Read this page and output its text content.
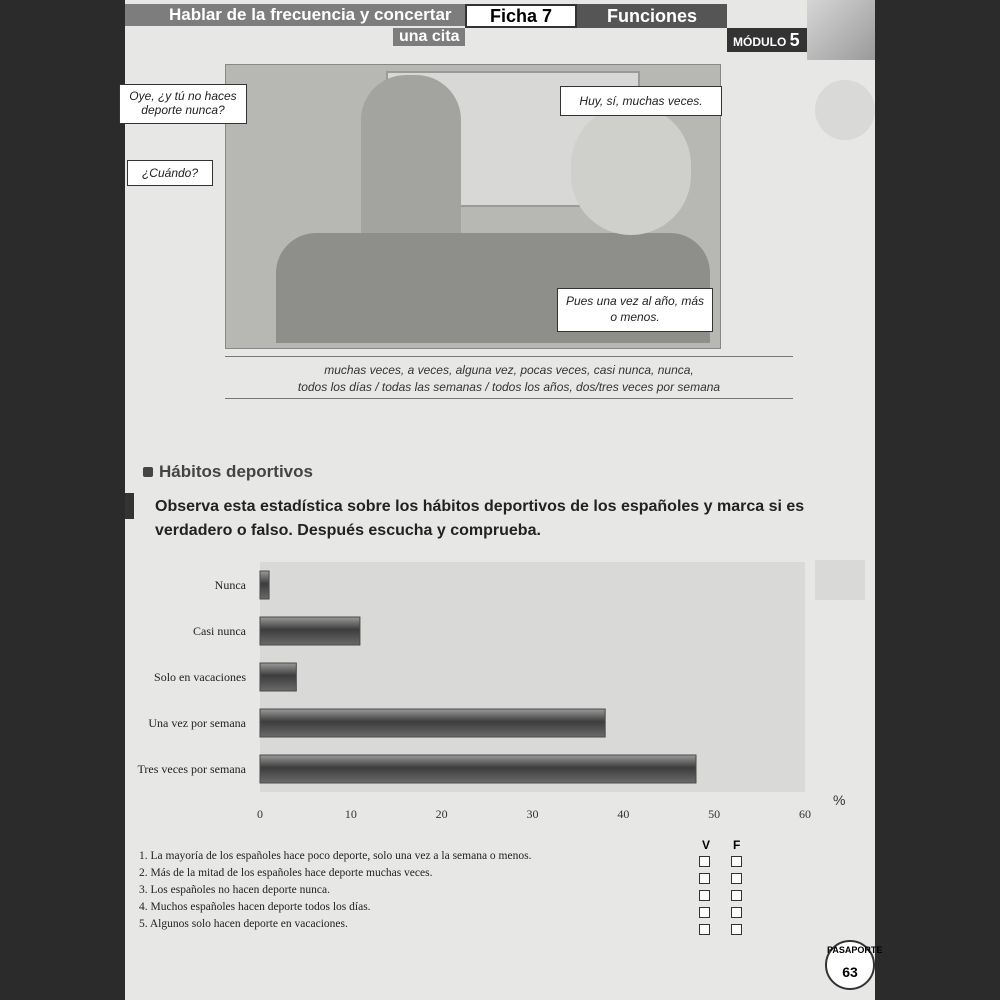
Hablar de la frecuencia y concertar
una cita
Ficha 7	Funciones
MÓDULO 5
Oye, ¿y tú no haces deporte nunca?
Huy, sí, muchas veces.
¿Cuándo?
Pues una vez al año, más o menos.
muchas veces, a veces, alguna vez, pocas veces, casi nunca, nunca,
todos los días / todas las semanas / todos los años, dos/tres veces por semana
Hábitos deportivos
Observa esta estadística sobre los hábitos deportivos de los españoles y marca si es verdadero o falso. Después escucha y comprueba.
Nunca
Casi nunca
Solo en vacaciones
Una vez por semana
Tres veces por semana
0	10	20	30	40	50	60
%
V F
1. La mayoría de los españoles hace poco deporte, solo una vez a la semana o menos.
2. Más de la mitad de los españoles hace deporte muchas veces.
3. Los españoles no hacen deporte nunca.
4. Muchos españoles hacen deporte todos los días.
5. Algunos solo hacen deporte en vacaciones.
PASAPORTE
63
